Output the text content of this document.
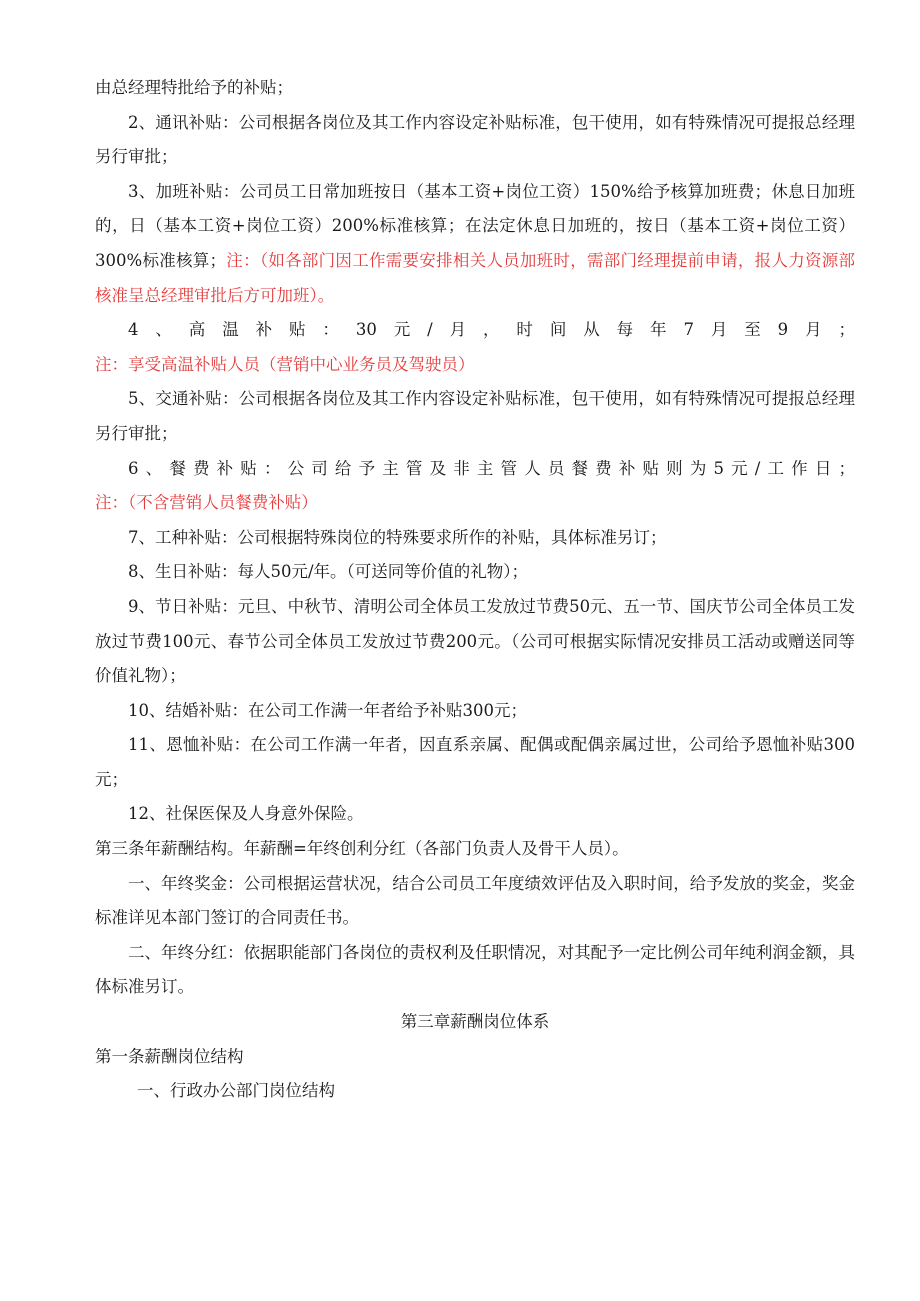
由总经理特批给予的补贴；

2、通讯补贴：公司根据各岗位及其工作内容设定补贴标准，包干使用，如有特殊情况可提报总经理另行审批；

3、加班补贴：公司员工日常加班按日（基本工资+岗位工资）150%给予核算加班费；休息日加班的，日（基本工资+岗位工资）200%标准核算；在法定休息日加班的，按日（基本工资+岗位工资）300%标准核算；注：（如各部门因工作需要安排相关人员加班时，需部门经理提前申请，报人力资源部核准呈总经理审批后方可加班）。

4、高温补贴：30元/月，时间从每年7月至9月；注：享受高温补贴人员（营销中心业务员及驾驶员）

5、交通补贴：公司根据各岗位及其工作内容设定补贴标准，包干使用，如有特殊情况可提报总经理另行审批；

6、餐费补贴：公司给予主管及非主管人员餐费补贴则为5元/工作日；注：（不含营销人员餐费补贴）

7、工种补贴：公司根据特殊岗位的特殊要求所作的补贴，具体标准另订；

8、生日补贴：每人50元/年。（可送同等价值的礼物）；

9、节日补贴：元旦、中秋节、清明公司全体员工发放过节费50元、五一节、国庆节公司全体员工发放过节费100元、春节公司全体员工发放过节费200元。（公司可根据实际情况安排员工活动或赠送同等价值礼物）；

10、结婚补贴：在公司工作满一年者给予补贴300元；

11、恩恤补贴：在公司工作满一年者，因直系亲属、配偶或配偶亲属过世，公司给予恩恤补贴300元；

12、社保医保及人身意外保险。

第三条年薪酬结构。年薪酬=年终创利分红（各部门负责人及骨干人员）。

一、年终奖金：公司根据运营状况，结合公司员工年度绩效评估及入职时间，给予发放的奖金，奖金标准详见本部门签订的合同责任书。

二、年终分红：依据职能部门各岗位的责权利及任职情况，对其配予一定比例公司年纯利润金额，具体标准另订。

第三章薪酬岗位体系

第一条薪酬岗位结构

一、行政办公部门岗位结构
